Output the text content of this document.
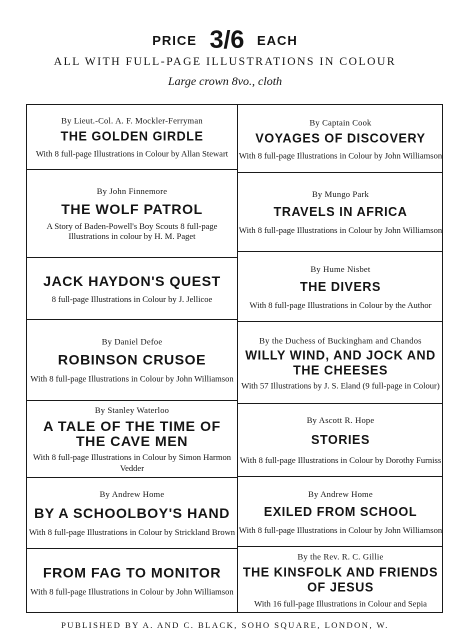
PRICE 3/6 EACH
ALL WITH FULL-PAGE ILLUSTRATIONS IN COLOUR
Large crown 8vo., cloth
By Lieut.-Col. A. F. Mockler-Ferryman
THE GOLDEN GIRDLE
With 8 full-page Illustrations in Colour by Allan Stewart
By John Finnemore
THE WOLF PATROL
A Story of Baden-Powell's Boy Scouts 8 full-page Illustrations in colour by H. M. Paget
JACK HAYDON'S QUEST
8 full-page Illustrations in Colour by J. Jellicoe
By Daniel Defoe
ROBINSON CRUSOE
With 8 full-page Illustrations in Colour by John Williamson
By Stanley Waterloo
A TALE OF THE TIME OF THE CAVE MEN
With 8 full-page Illustrations in Colour by Simon Harmon Vedder
By Andrew Home
BY A SCHOOLBOY'S HAND
With 8 full-page Illustrations in Colour by Strickland Brown
FROM FAG TO MONITOR
With 8 full-page Illustrations in Colour by John Williamson
By Captain Cook
VOYAGES OF DISCOVERY
With 8 full-page Illustrations in Colour by John Williamson
By Mungo Park
TRAVELS IN AFRICA
With 8 full-page Illustrations in Colour by John Williamson
By Hume Nisbet
THE DIVERS
With 8 full-page Illustrations in Colour by the Author
By the Duchess of Buckingham and Chandos
WILLY WIND, AND JOCK AND THE CHEESES
With 57 Illustrations by J. S. Eland (9 full-page in Colour)
By Ascott R. Hope
STORIES
With 8 full-page Illustrations in Colour by Dorothy Furniss
By Andrew Home
EXILED FROM SCHOOL
With 8 full-page Illustrations in Colour by John Williamson
By the Rev. R. C. Gillie
THE KINSFOLK AND FRIENDS OF JESUS
With 16 full-page Illustrations in Colour and Sepia
PUBLISHED BY A. AND C. BLACK, SOHO SQUARE, LONDON, W.
